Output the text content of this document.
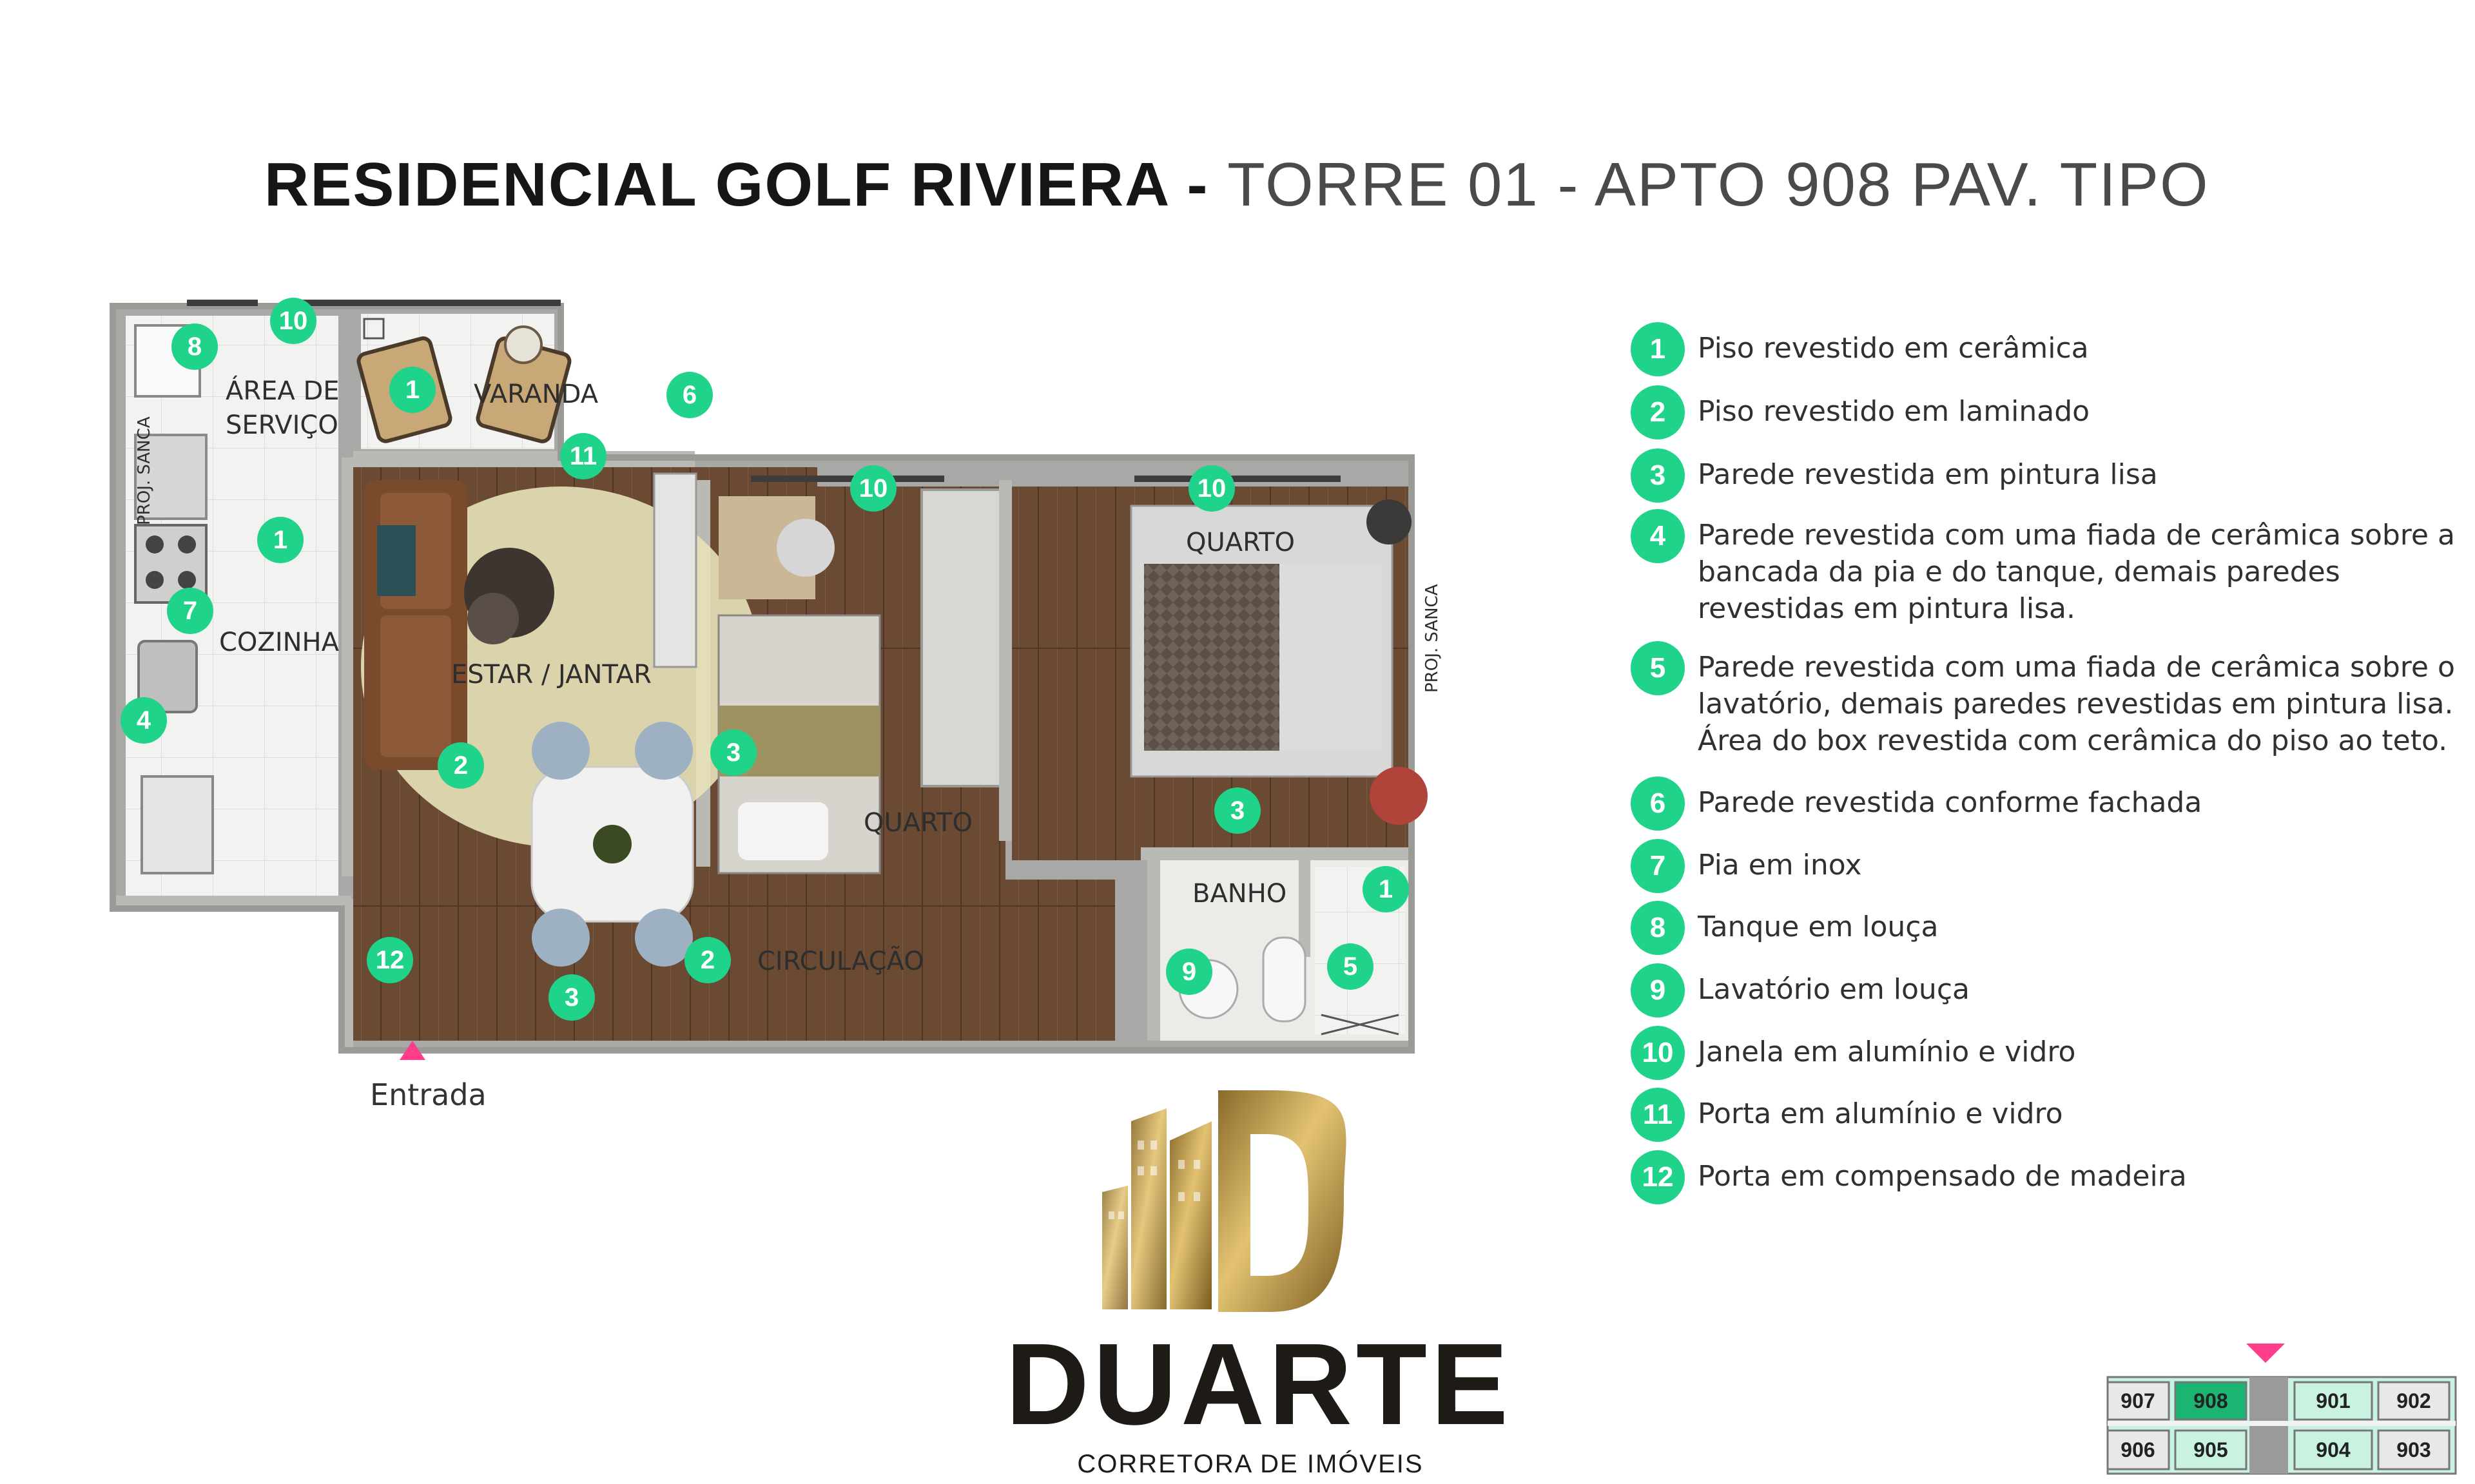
RESIDENCIAL GOLF RIVIERA - TORRE 01 - APTO 908 PAV. TIPO
ÁREA DE
SERVIÇO
VARANDA
COZINHA
ESTAR / JANTAR
QUARTO
QUARTO
BANHO
CIRCULAÇÃO
PROJ. SANCA
PROJ. SANCA
8
10
1	6
11
1
7
4
10	10
3
2
3
1
9	5
12
3
2
Entrada
1	Piso revestido em cerâmica
2	Piso revestido em laminado
3	Parede revestida em pintura lisa
4	Parede revestida com uma fiada de cerâmica sobre a
bancada da pia e do tanque, demais paredes
revestidas em pintura lisa.
5	Parede revestida com uma fiada de cerâmica sobre o
lavatório, demais paredes revestidas em pintura lisa.
Área do box revestida com cerâmica do piso ao teto.
6	Parede revestida conforme fachada
7	Pia em inox
8	Tanque em louça
9	Lavatório em louça
10 Janela em alumínio e vidro
11 Porta em alumínio e vidro
12 Porta em compensado de madeira
DUARTE
CORRETORA DE IMÓVEIS
907 908	901 902
906 905	904 903
